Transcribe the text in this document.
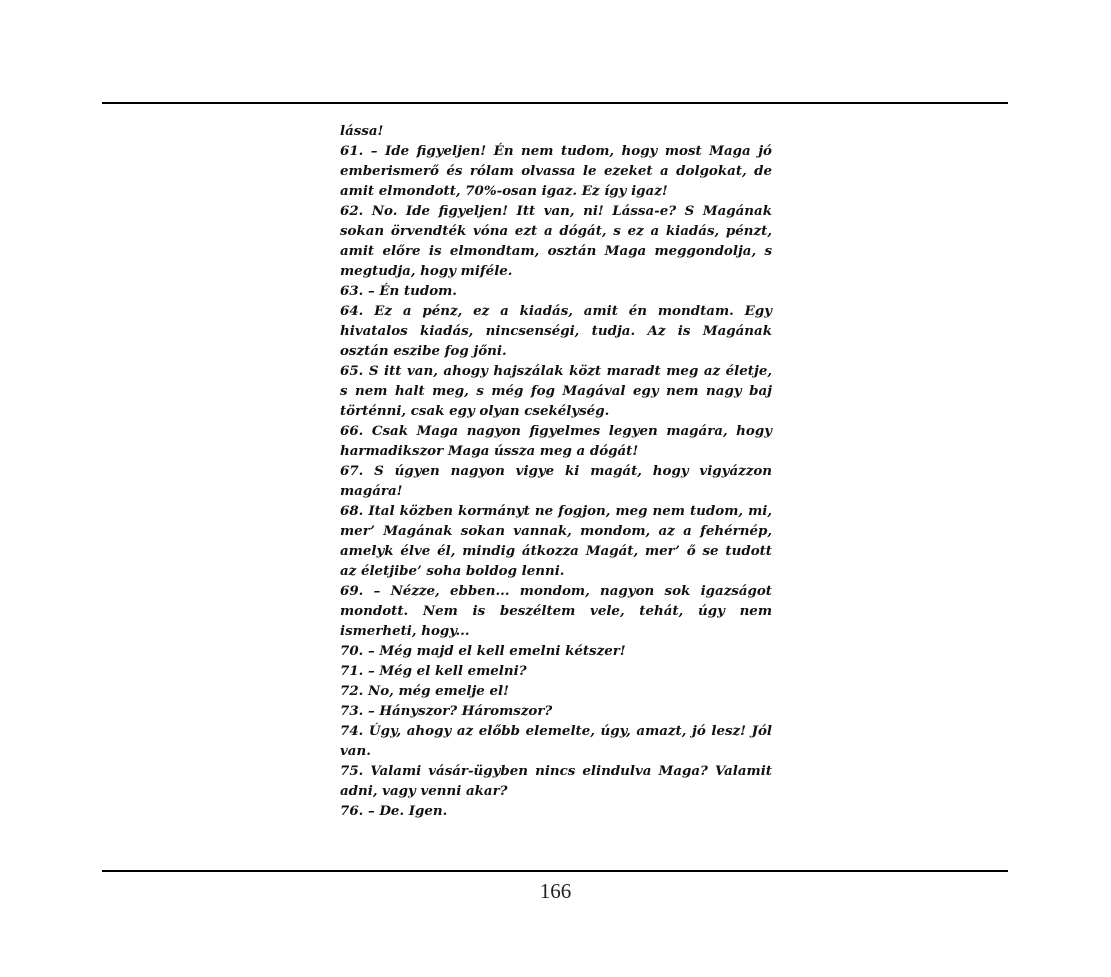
lássa!

61. – Ide figyeljen! Én nem tudom, hogy most Maga jó emberismerő és rólam olvassa le ezeket a dolgokat, de amit elmondott, 70%-osan igaz. Ez így igaz!

62. No. Ide figyeljen! Itt van, ni! Lássa-e? S Magának sokan örvendték vóna ezt a dógát, s ez a kiadás, pénzt, amit előre is elmondtam, osztán Maga meggondolja, s megtudja, hogy miféle.

63. – Én tudom.

64. Ez a pénz, ez a kiadás, amit én mondtam. Egy hivatalos kiadás, nincsenségi, tudja. Az is Magának osztán eszibe fog jőni.

65. S itt van, ahogy hajszálak közt maradt meg az életje, s nem halt meg, s még fog Magával egy nem nagy baj történni, csak egy olyan csekélység.

66. Csak Maga nagyon figyelmes legyen magára, hogy harmadikszor Maga ússza meg a dógát!

67. S úgyen nagyon vigye ki magát, hogy vigyázzon magára!

68. Ital közben kormányt ne fogjon, meg nem tudom, mi, mer’ Magának sokan vannak, mondom, az a fehérnép, amelyk élve él, mindig átkozza Magát, mer’ ő se tudott az életjibe’ soha boldog lenni.

69. – Nézze, ebben... mondom, nagyon sok igazságot mondott. Nem is beszéltem vele, tehát, úgy nem ismerheti, hogy...

70. – Még majd el kell emelni kétszer!

71. – Még el kell emelni?

72. No, még emelje el!

73. – Hányszor? Háromszor?

74. Úgy, ahogy az előbb elemelte, úgy, amazt, jó lesz! Jól van.

75. Valami vásár-ügyben nincs elindulva Maga? Valamit adni, vagy venni akar?

76. – De. Igen.

166
